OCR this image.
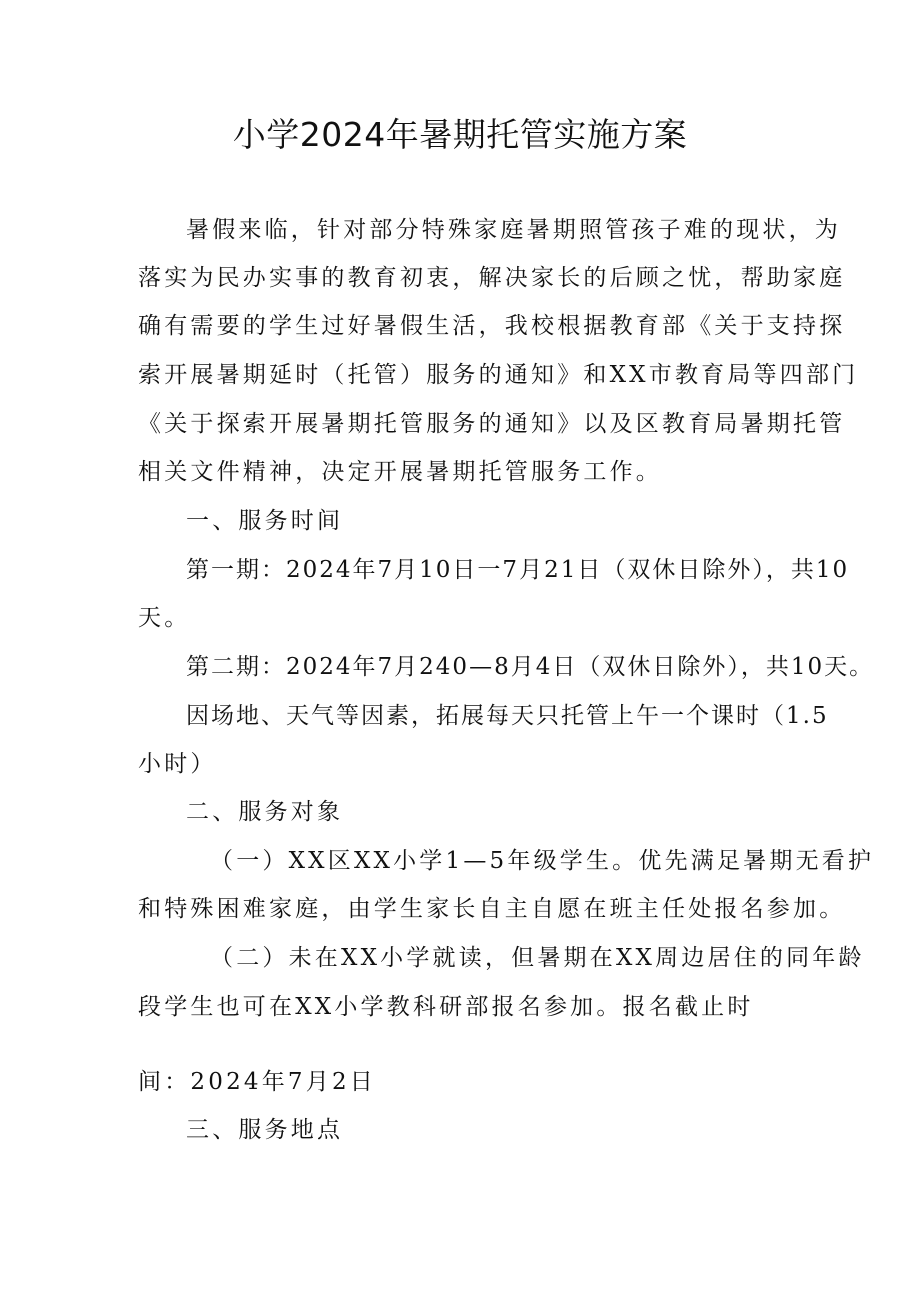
小学2024年暑期托管实施方案
暑假来临，针对部分特殊家庭暑期照管孩子难的现状，为
落实为民办实事的教育初衷，解决家长的后顾之忧，帮助家庭
确有需要的学生过好暑假生活，我校根据教育部《关于支持探
索开展暑期延时（托管）服务的通知》和XX市教育局等四部门
《关于探索开展暑期托管服务的通知》以及区教育局暑期托管
相关文件精神，决定开展暑期托管服务工作。
一、服务时间
第一期：2024年7月10日一7月21日（双休日除外），共10
天。
第二期：2024年7月240—8月4日（双休日除外），共10天。
因场地、天气等因素，拓展每天只托管上午一个课时（1.5
小时）
二、服务对象
（一）XX区XX小学1—5年级学生。优先满足暑期无看护
和特殊困难家庭，由学生家长自主自愿在班主任处报名参加。
（二）未在XX小学就读，但暑期在XX周边居住的同年龄
段学生也可在XX小学教科研部报名参加。报名截止时
间：2024年7月2日
三、服务地点
